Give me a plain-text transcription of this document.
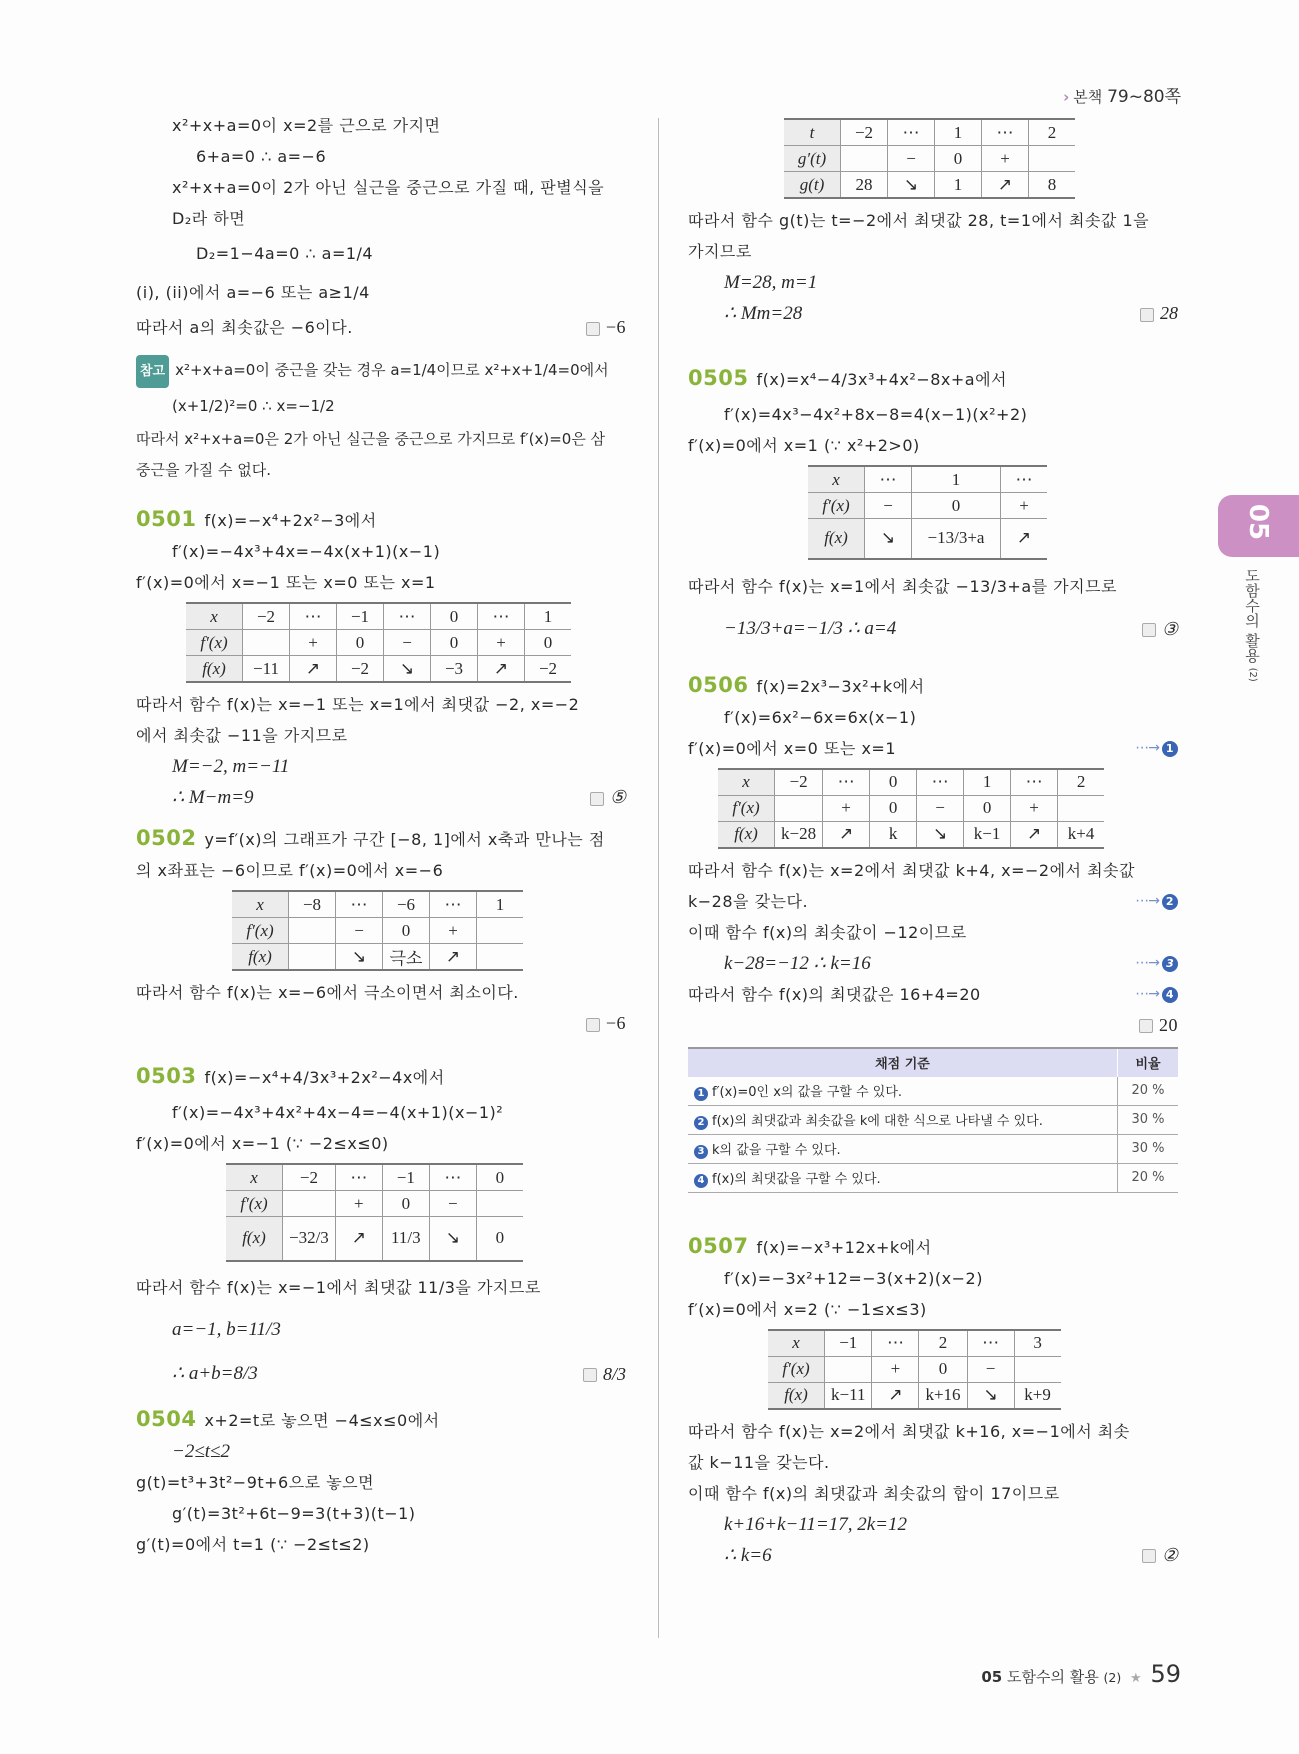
› 본책 79~80쪽
x²+x+a=0이 x=2를 근으로 가지면
6+a=0 ∴ a=−6
x²+x+a=0이 2가 아닌 실근을 중근으로 가질 때, 판별식을
D₂라 하면
D₂=1−4a=0 ∴ a=1/4
(i), (ii)에서 a=−6 또는 a≥1/4
따라서 a의 최솟값은 −6이다.	−6
참고 x²+x+a=0이 중근을 갖는 경우 a=1/4이므로 x²+x+1/4=0에서
(x+1/2)²=0 ∴ x=−1/2
따라서 x²+x+a=0은 2가 아닌 실근을 중근으로 가지므로 f′(x)=0은 삼
중근을 가질 수 없다.
0501 f(x)=−x⁴+2x²−3에서
f′(x)=−4x³+4x=−4x(x+1)(x−1)
f′(x)=0에서 x=−1 또는 x=0 또는 x=1
x	−2	⋯	−1	⋯	0	⋯	1
f′(x)		+	0	−	0	+	0
f(x)	−11	↗	−2	↘	−3	↗	−2
따라서 함수 f(x)는 x=−1 또는 x=1에서 최댓값 −2, x=−2
에서 최솟값 −11을 가지므로
M=−2, m=−11
∴ M−m=9	⑤
0502 y=f′(x)의 그래프가 구간 [−8, 1]에서 x축과 만나는 점
의 x좌표는 −6이므로 f′(x)=0에서 x=−6
x	−8	⋯	−6	⋯	1
f′(x)		−	0	+	
f(x)		↘	극소	↗	
따라서 함수 f(x)는 x=−6에서 극소이면서 최소이다.
−6
0503 f(x)=−x⁴+4/3x³+2x²−4x에서
f′(x)=−4x³+4x²+4x−4=−4(x+1)(x−1)²
f′(x)=0에서 x=−1 (∵ −2≤x≤0)
x	−2	⋯	−1	⋯	0
f′(x)		+	0	−	
f(x)	−32/3	↗	11/3	↘	0
따라서 함수 f(x)는 x=−1에서 최댓값 11/3을 가지므로
a=−1, b=11/3
∴ a+b=8/3	8/3
0504 x+2=t로 놓으면 −4≤x≤0에서
−2≤t≤2
g(t)=t³+3t²−9t+6으로 놓으면
g′(t)=3t²+6t−9=3(t+3)(t−1)
g′(t)=0에서 t=1 (∵ −2≤t≤2)
t	−2	⋯	1	⋯	2
g′(t)		−	0	+	
g(t)	28	↘	1	↗	8
따라서 함수 g(t)는 t=−2에서 최댓값 28, t=1에서 최솟값 1을
가지므로
M=28, m=1
∴ Mm=28	28
0505 f(x)=x⁴−4/3x³+4x²−8x+a에서
f′(x)=4x³−4x²+8x−8=4(x−1)(x²+2)
f′(x)=0에서 x=1 (∵ x²+2>0)
x	⋯	1	⋯
f′(x)	−	0	+
f(x)	↘	−13/3+a	↗
따라서 함수 f(x)는 x=1에서 최솟값 −13/3+a를 가지므로
−13/3+a=−1/3 ∴ a=4	③
0506 f(x)=2x³−3x²+k에서
f′(x)=6x²−6x=6x(x−1)
f′(x)=0에서 x=0 또는 x=1	⋯→ 1
x	−2	⋯	0	⋯	1	⋯	2
f′(x)		+	0	−	0	+	
f(x)	k−28	↗	k	↘	k−1	↗	k+4
따라서 함수 f(x)는 x=2에서 최댓값 k+4, x=−2에서 최솟값
k−28을 갖는다.	⋯→ 2
이때 함수 f(x)의 최솟값이 −12이므로
k−28=−12 ∴ k=16	⋯→ 3
따라서 함수 f(x)의 최댓값은 16+4=20	⋯→ 4
20
채점 기준	비율
1 f′(x)=0인 x의 값을 구할 수 있다.	20 %
2 f(x)의 최댓값과 최솟값을 k에 대한 식으로 나타낼 수 있다.	30 %
3 k의 값을 구할 수 있다.	30 %
4 f(x)의 최댓값을 구할 수 있다.	20 %
0507 f(x)=−x³+12x+k에서
f′(x)=−3x²+12=−3(x+2)(x−2)
f′(x)=0에서 x=2 (∵ −1≤x≤3)
x	−1	⋯	2	⋯	3
f′(x)		+	0	−	
f(x)	k−11	↗	k+16	↘	k+9
따라서 함수 f(x)는 x=2에서 최댓값 k+16, x=−1에서 최솟
값 k−11을 갖는다.
이때 함수 f(x)의 최댓값과 최솟값의 합이 17이므로
k+16+k−11=17, 2k=12
∴ k=6	②
05
도함수의 활용 (2)
05 도함수의 활용 (2) ★ 59
